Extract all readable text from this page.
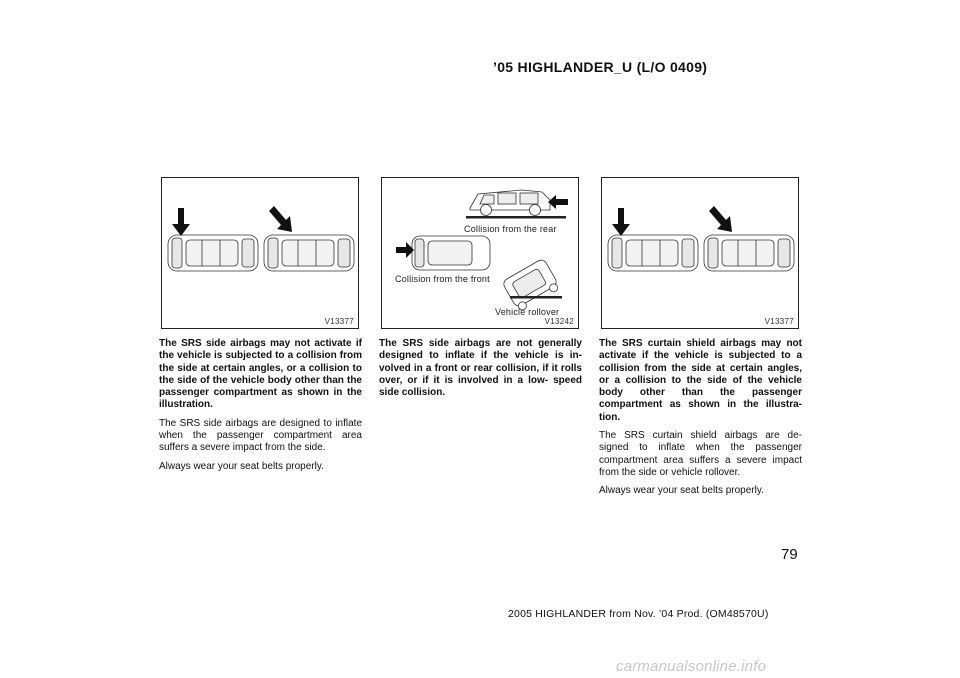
’05 HIGHLANDER_U (L/O 0409)
V13377
Collision from the rear
Collision from the front
Vehicle rollover
V13242	V13377

The SRS side airbags may not activate if the vehicle is subjected to a collision from the side at certain angles, or a collision to the side of the vehicle body other than the passenger compartment as shown in the illustration.

The SRS side airbags are designed to inflate when the passenger compartment area suffers a severe impact from the side.

Always wear your seat belts properly.

The SRS side airbags are not generally designed to inflate if the vehicle is in- volved in a front or rear collision, if it rolls over, or if it is involved in a low- speed side collision.

The SRS curtain shield airbags may not activate if the vehicle is subjected to a collision from the side at certain angles, or a collision to the side of the vehicle body other than the passenger compartment as shown in the illustra- tion.

The SRS curtain shield airbags are de- signed to inflate when the passenger compartment area suffers a severe impact from the side or vehicle rollover.

Always wear your seat belts properly.

79
2005 HIGHLANDER from Nov. ’04 Prod. (OM48570U)
carmanualsonline.info
